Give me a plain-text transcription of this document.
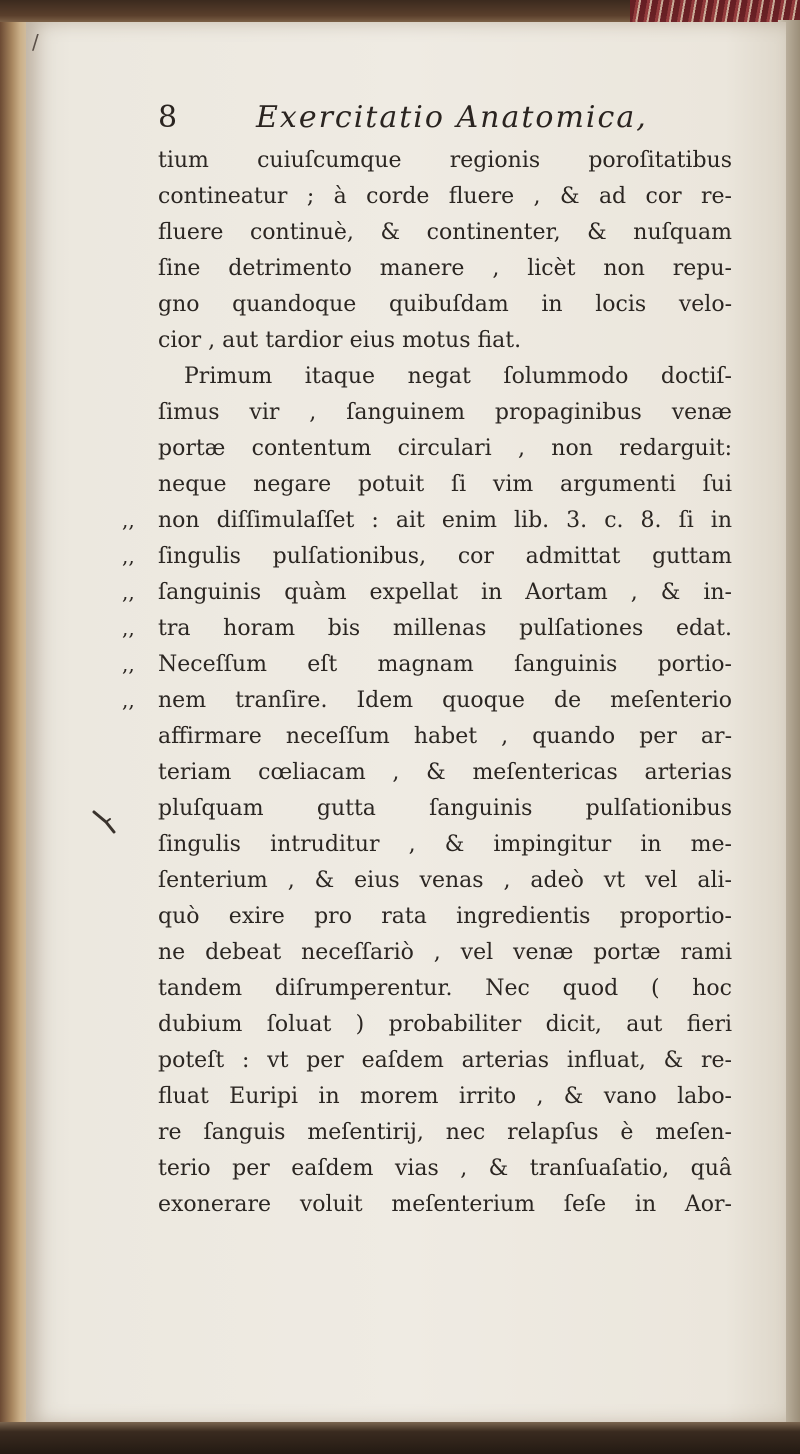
/
8	Exercitatio Anatomica,
,,
,,
,,
,,
,,
,,
tium cuiuſcumque regionis poroſitatibus
contineatur ; à corde fluere , & ad cor re-
fluere continuè, & continenter, & nuſquam
ſine detrimento manere , licèt non repu-
gno quandoque quibuſdam in locis velo-
cior , aut tardior eius motus fiat.
Primum itaque negat ſolummodo doctiſ-
ſimus vir , ſanguinem propaginibus venæ
portæ contentum circulari , non redarguit:
neque negare potuit ſi vim argumenti ſui
non diſſimulaſſet : ait enim lib. 3. c. 8. ſi in
ſingulis pulſationibus, cor admittat guttam
ſanguinis quàm expellat in Aortam , & in-
tra horam bis millenas pulſationes edat.
Neceſſum eſt magnam ſanguinis portio-
nem tranſire. Idem quoque de meſenterio
affirmare neceſſum habet , quando per ar-
teriam cœliacam , & meſentericas arterias
pluſquam gutta ſanguinis pulſationibus
ſingulis intruditur , & impingitur in me-
ſenterium , & eius venas , adeò vt vel ali-
quò exire pro rata ingredientis proportio-
ne debeat neceſſariò , vel venæ portæ rami
tandem diſrumperentur. Nec quod ( hoc
dubium ſoluat ) probabiliter dicit, aut fieri
poteſt : vt per eaſdem arterias influat, & re-
fluat Euripi in morem irrito , & vano labo-
re ſanguis meſentirij, nec relapſus è meſen-
terio per eaſdem vias , & tranſuaſatio, quâ
exonerare voluit meſenterium ſeſe in Aor-
